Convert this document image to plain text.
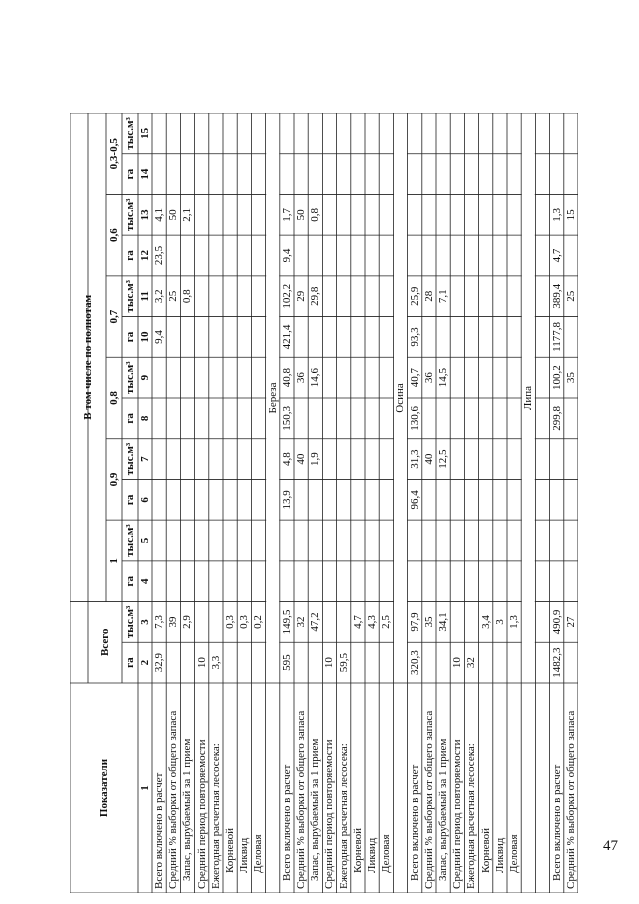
47
Показатели	1
Всего
В том числе по полнотам
1
0,9
0,8
0,7
0,6
0,3-0,5
га 2
тыс.м³ 3
га 4
тыс.м³ 5
га 6
тыс.м³ 7
га 8
тыс.м³ 9
га 10
тыс.м³ 11
га 12
тыс.м³ 13
га 14
тыс.м³ 15
Всего включено в расчет
32,9
7,3
9,4
3,2
23,5
4,1
Средний % выборки от общего запаса
39
25
50
Запас, вырубаемый за 1 прием
2,9
0,8
2,1
Средний период повторяемости
10
Ежегодная расчетная лесосека:
3,3
Корневой
0,3
Ликвид
0,3
Деловая
0,2
Береза
Всего включено в расчет
595
149,5
13,9
4,8
150,3
40,8
421,4
102,2
9,4
1,7
Средний % выборки от общего запаса
32
40
36
29
50
Запас, вырубаемый за 1 прием
47,2
1,9
14,6
29,8
0,8
Средний период повторяемости
10
Ежегодная расчетная лесосека:
59,5
Корневой
4,7
Ликвид
4,3
Деловая
2,5
Осина
Всего включено в расчет
320,3
97,9
96,4
31,3
130,6
40,7
93,3
25,9
Средний % выборки от общего запаса
35
40
36
28
Запас, вырубаемый за 1 прием
34,1
12,5
14,5
7,1
Средний период повторяемости
10
Ежегодная расчетная лесосека:
32
Корневой
3,4
Ликвид
3
Деловая
1,3
Липа
Всего включено в расчет
1482,3
490,9
299,8
100,2
1177,8
389,4
4,7
1,3
Средний % выборки от общего запаса
27
35
25
15
